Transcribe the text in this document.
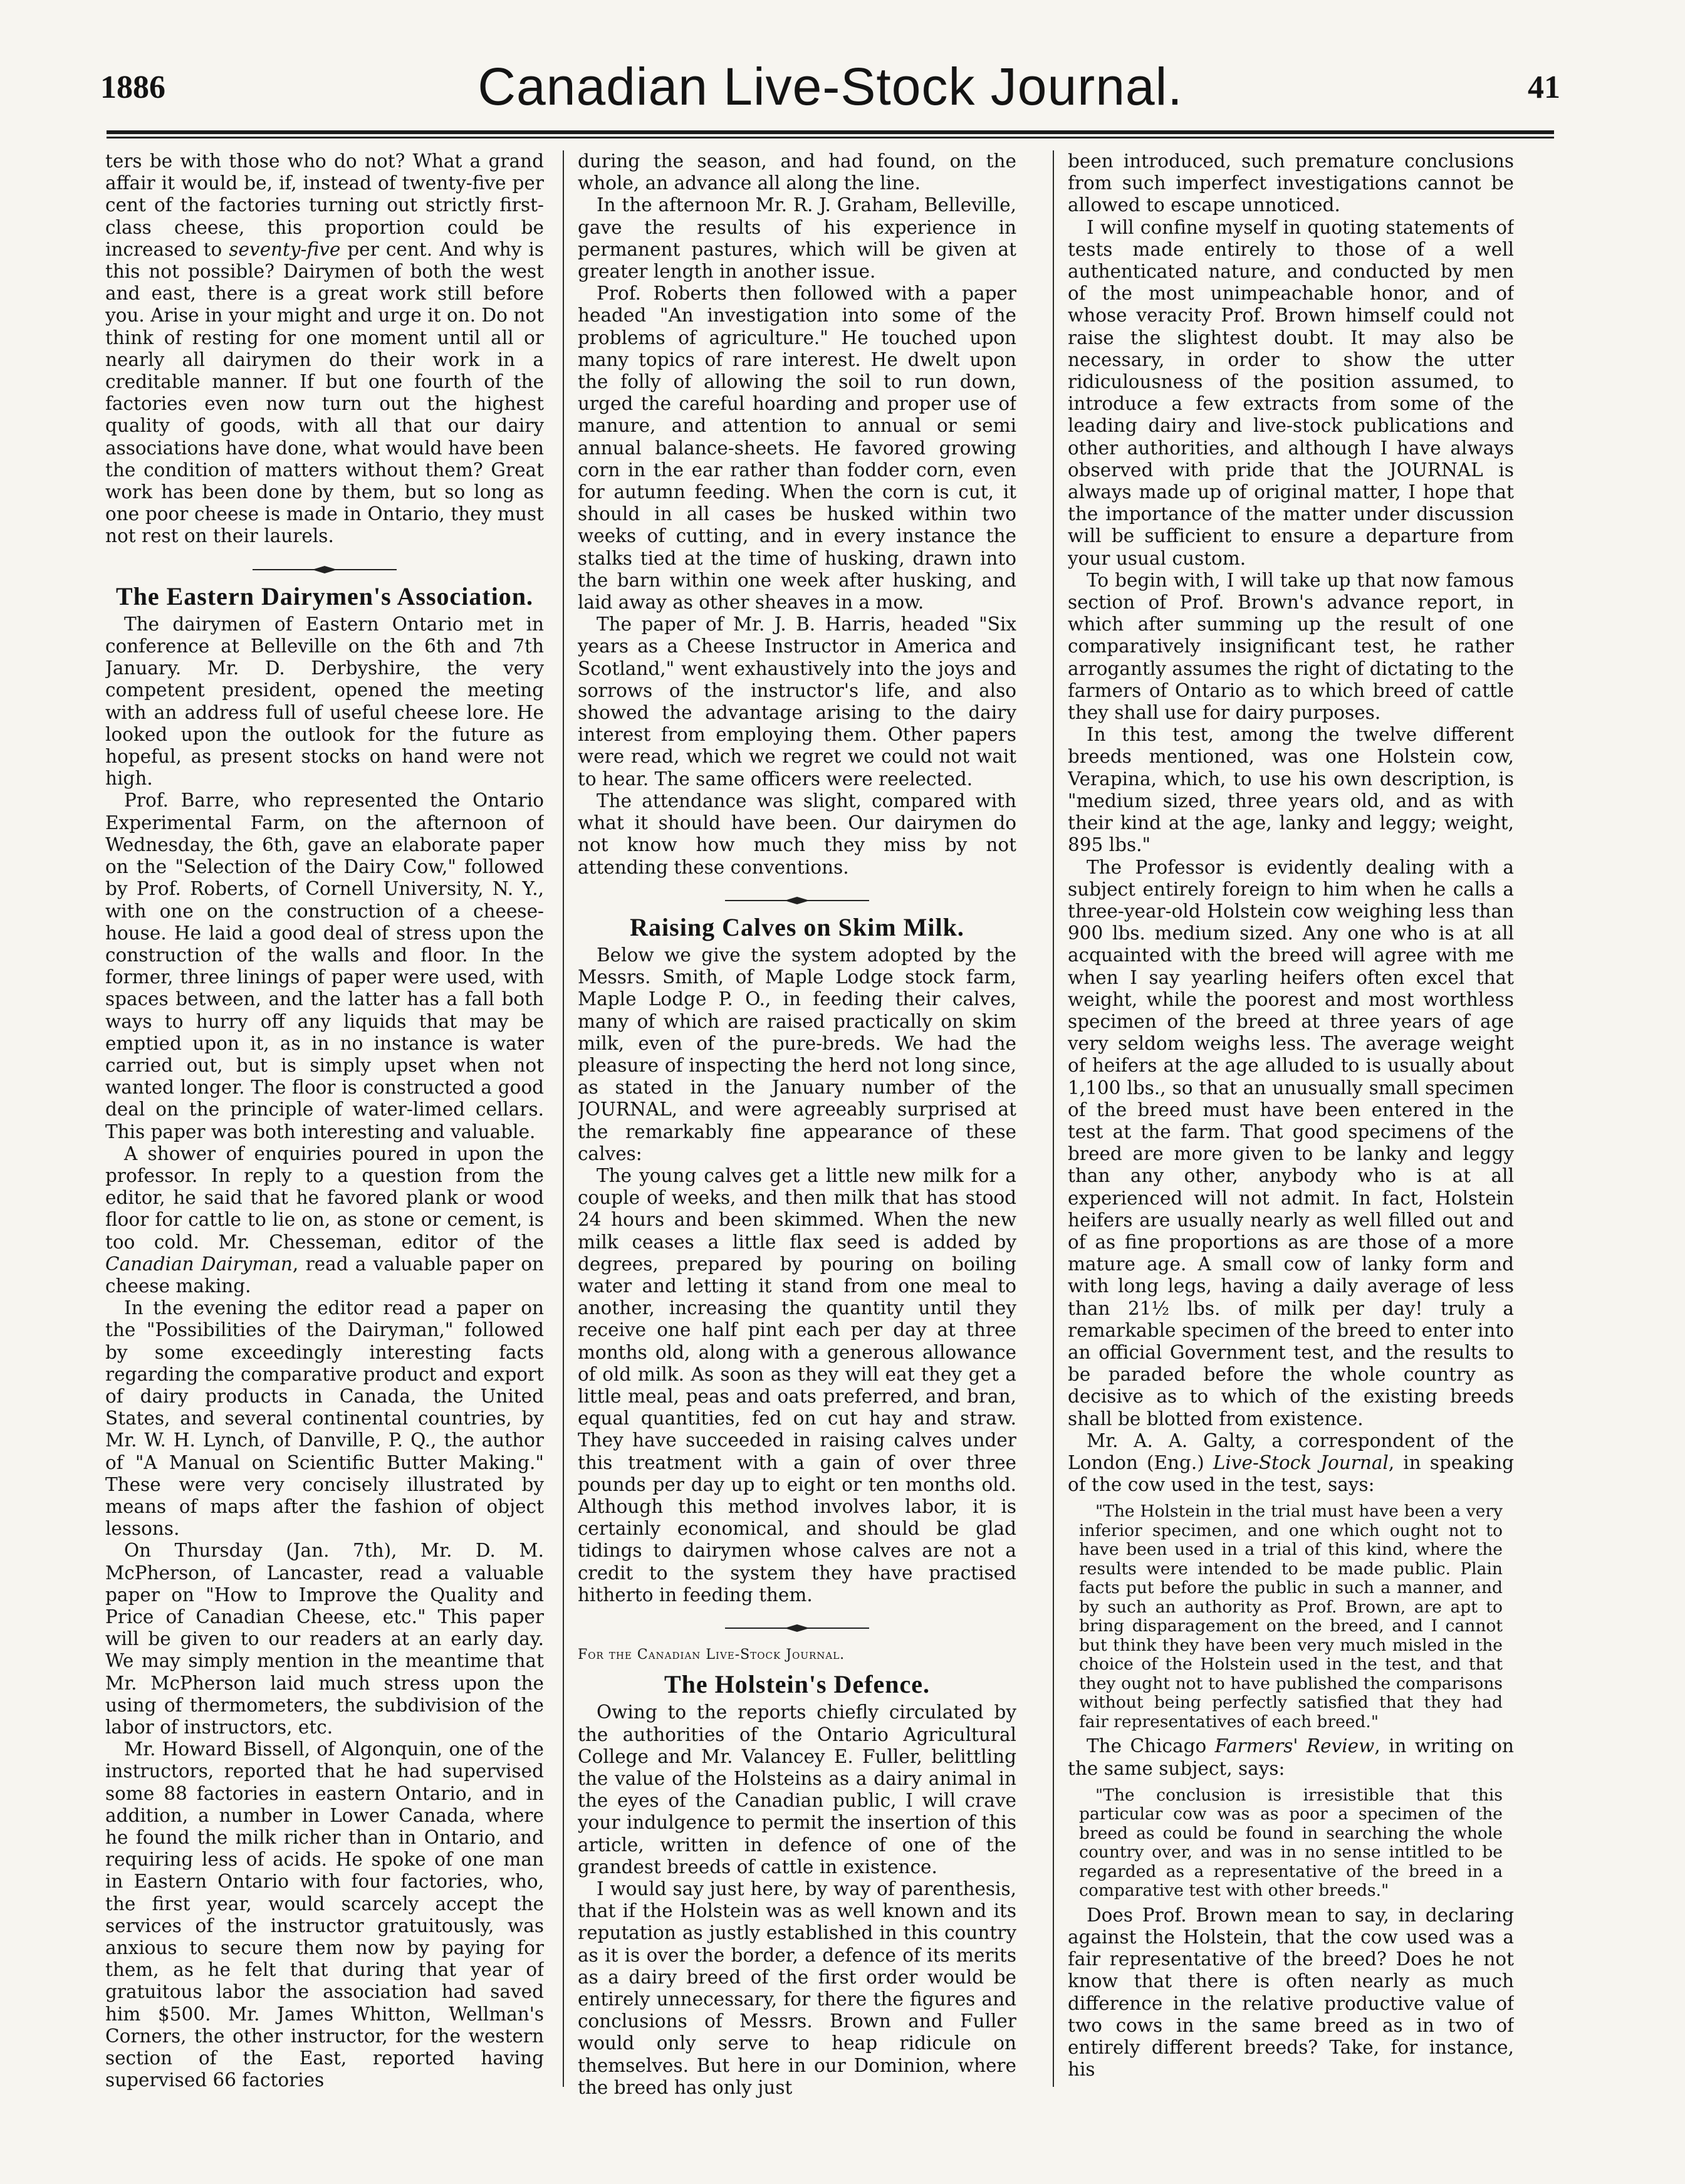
1886	Canadian Live-Stock Journal.	41

ters be with those who do not? What a grand affair it would be, if, instead of twenty-five per cent of the factories turning out strictly first-class cheese, this proportion could be increased to seventy-five per cent. And why is this not possible? Dairymen of both the west and east, there is a great work still before you. Arise in your might and urge it on. Do not think of resting for one moment until all or nearly all dairymen do their work in a creditable manner. If but one fourth of the factories even now turn out the highest quality of goods, with all that our dairy associations have done, what would have been the condition of matters without them? Great work has been done by them, but so long as one poor cheese is made in Ontario, they must not rest on their laurels.

The Eastern Dairymen's Association.

The dairymen of Eastern Ontario met in conference at Belleville on the 6th and 7th January. Mr. D. Derbyshire, the very competent president, opened the meeting with an address full of useful cheese lore. He looked upon the outlook for the future as hopeful, as present stocks on hand were not high.

Prof. Barre, who represented the Ontario Experimental Farm, on the afternoon of Wednesday, the 6th, gave an elaborate paper on the "Selection of the Dairy Cow," followed by Prof. Roberts, of Cornell University, N. Y., with one on the construction of a cheese-house. He laid a good deal of stress upon the construction of the walls and floor. In the former, three linings of paper were used, with spaces between, and the latter has a fall both ways to hurry off any liquids that may be emptied upon it, as in no instance is water carried out, but is simply upset when not wanted longer. The floor is constructed a good deal on the principle of water-limed cellars. This paper was both interesting and valuable.

A shower of enquiries poured in upon the professor. In reply to a question from the editor, he said that he favored plank or wood floor for cattle to lie on, as stone or cement, is too cold. Mr. Chesseman, editor of the Canadian Dairyman, read a valuable paper on cheese making.

In the evening the editor read a paper on the "Possibilities of the Dairyman," followed by some exceedingly interesting facts regarding the comparative product and export of dairy products in Canada, the United States, and several continental countries, by Mr. W. H. Lynch, of Danville, P. Q., the author of "A Manual on Scientific Butter Making." These were very concisely illustrated by means of maps after the fashion of object lessons.

On Thursday (Jan. 7th), Mr. D. M. McPherson, of Lancaster, read a valuable paper on "How to Improve the Quality and Price of Canadian Cheese, etc." This paper will be given to our readers at an early day. We may simply mention in the meantime that Mr. McPherson laid much stress upon the using of thermometers, the subdivision of the labor of instructors, etc.

Mr. Howard Bissell, of Algonquin, one of the instructors, reported that he had supervised some 88 factories in eastern Ontario, and in addition, a number in Lower Canada, where he found the milk richer than in Ontario, and requiring less of acids. He spoke of one man in Eastern Ontario with four factories, who, the first year, would scarcely accept the services of the instructor gratuitously, was anxious to secure them now by paying for them, as he felt that during that year of gratuitous labor the association had saved him $500. Mr. James Whitton, Wellman's Corners, the other instructor, for the western section of the East, reported having supervised 66 factories

during the season, and had found, on the whole, an advance all along the line.

In the afternoon Mr. R. J. Graham, Belleville, gave the results of his experience in permanent pastures, which will be given at greater length in another issue.

Prof. Roberts then followed with a paper headed "An investigation into some of the problems of agriculture." He touched upon many topics of rare interest. He dwelt upon the folly of allowing the soil to run down, urged the careful hoarding and proper use of manure, and attention to annual or semi annual balance-sheets. He favored growing corn in the ear rather than fodder corn, even for autumn feeding. When the corn is cut, it should in all cases be husked within two weeks of cutting, and in every instance the stalks tied at the time of husking, drawn into the barn within one week after husking, and laid away as other sheaves in a mow.

The paper of Mr. J. B. Harris, headed "Six years as a Cheese Instructor in America and Scotland," went exhaustively into the joys and sorrows of the instructor's life, and also showed the advantage arising to the dairy interest from employing them. Other papers were read, which we regret we could not wait to hear. The same officers were reelected.

The attendance was slight, compared with what it should have been. Our dairymen do not know how much they miss by not attending these conventions.

Raising Calves on Skim Milk.

Below we give the system adopted by the Messrs. Smith, of Maple Lodge stock farm, Maple Lodge P. O., in feeding their calves, many of which are raised practically on skim milk, even of the pure-breds. We had the pleasure of inspecting the herd not long since, as stated in the January number of the JOURNAL, and were agreeably surprised at the remarkably fine appearance of these calves:

The young calves get a little new milk for a couple of weeks, and then milk that has stood 24 hours and been skimmed. When the new milk ceases a little flax seed is added by degrees, prepared by pouring on boiling water and letting it stand from one meal to another, increasing the quantity until they receive one half pint each per day at three months old, along with a generous allowance of old milk. As soon as they will eat they get a little meal, peas and oats preferred, and bran, equal quantities, fed on cut hay and straw. They have succeeded in raising calves under this treatment with a gain of over three pounds per day up to eight or ten months old. Although this method involves labor, it is certainly economical, and should be glad tidings to dairymen whose calves are not a credit to the system they have practised hitherto in feeding them.

For the Canadian Live-Stock Journal.

The Holstein's Defence.

Owing to the reports chiefly circulated by the authorities of the Ontario Agricultural College and Mr. Valancey E. Fuller, belittling the value of the Holsteins as a dairy animal in the eyes of the Canadian public, I will crave your indulgence to permit the insertion of this article, written in defence of one of the grandest breeds of cattle in existence.

I would say just here, by way of parenthesis, that if the Holstein was as well known and its reputation as justly established in this country as it is over the border, a defence of its merits as a dairy breed of the first order would be entirely unnecessary, for there the figures and conclusions of Messrs. Brown and Fuller would only serve to heap ridicule on themselves. But here in our Dominion, where the breed has only just

been introduced, such premature conclusions from such imperfect investigations cannot be allowed to escape unnoticed.

I will confine myself in quoting statements of tests made entirely to those of a well authenticated nature, and conducted by men of the most unimpeachable honor, and of whose veracity Prof. Brown himself could not raise the slightest doubt. It may also be necessary, in order to show the utter ridiculousness of the position assumed, to introduce a few extracts from some of the leading dairy and live-stock publications and other authorities, and although I have always observed with pride that the JOURNAL is always made up of original matter, I hope that the importance of the matter under discussion will be sufficient to ensure a departure from your usual custom.

To begin with, I will take up that now famous section of Prof. Brown's advance report, in which after summing up the result of one comparatively insignificant test, he rather arrogantly assumes the right of dictating to the farmers of Ontario as to which breed of cattle they shall use for dairy purposes.

In this test, among the twelve different breeds mentioned, was one Holstein cow, Verapina, which, to use his own description, is "medium sized, three years old, and as with their kind at the age, lanky and leggy; weight, 895 lbs."

The Professor is evidently dealing with a subject entirely foreign to him when he calls a three-year-old Holstein cow weighing less than 900 lbs. medium sized. Any one who is at all acquainted with the breed will agree with me when I say yearling heifers often excel that weight, while the poorest and most worthless specimen of the breed at three years of age very seldom weighs less. The average weight of heifers at the age alluded to is usually about 1,100 lbs., so that an unusually small specimen of the breed must have been entered in the test at the farm. That good specimens of the breed are more given to be lanky and leggy than any other, anybody who is at all experienced will not admit. In fact, Holstein heifers are usually nearly as well filled out and of as fine proportions as are those of a more mature age. A small cow of lanky form and with long legs, having a daily average of less than 21½ lbs. of milk per day! truly a remarkable specimen of the breed to enter into an official Government test, and the results to be paraded before the whole country as decisive as to which of the existing breeds shall be blotted from existence.

Mr. A. A. Galty, a correspondent of the London (Eng.) Live-Stock Journal, in speaking of the cow used in the test, says:

"The Holstein in the trial must have been a very inferior specimen, and one which ought not to have been used in a trial of this kind, where the results were intended to be made public. Plain facts put before the public in such a manner, and by such an authority as Prof. Brown, are apt to bring disparagement on the breed, and I cannot but think they have been very much misled in the choice of the Holstein used in the test, and that they ought not to have published the comparisons without being perfectly satisfied that they had fair representatives of each breed."

The Chicago Farmers' Review, in writing on the same subject, says:

"The conclusion is irresistible that this particular cow was as poor a specimen of the breed as could be found in searching the whole country over, and was in no sense intitled to be regarded as a representative of the breed in a comparative test with other breeds."

Does Prof. Brown mean to say, in declaring against the Holstein, that the cow used was a fair representative of the breed? Does he not know that there is often nearly as much difference in the relative productive value of two cows in the same breed as in two of entirely different breeds? Take, for instance, his
